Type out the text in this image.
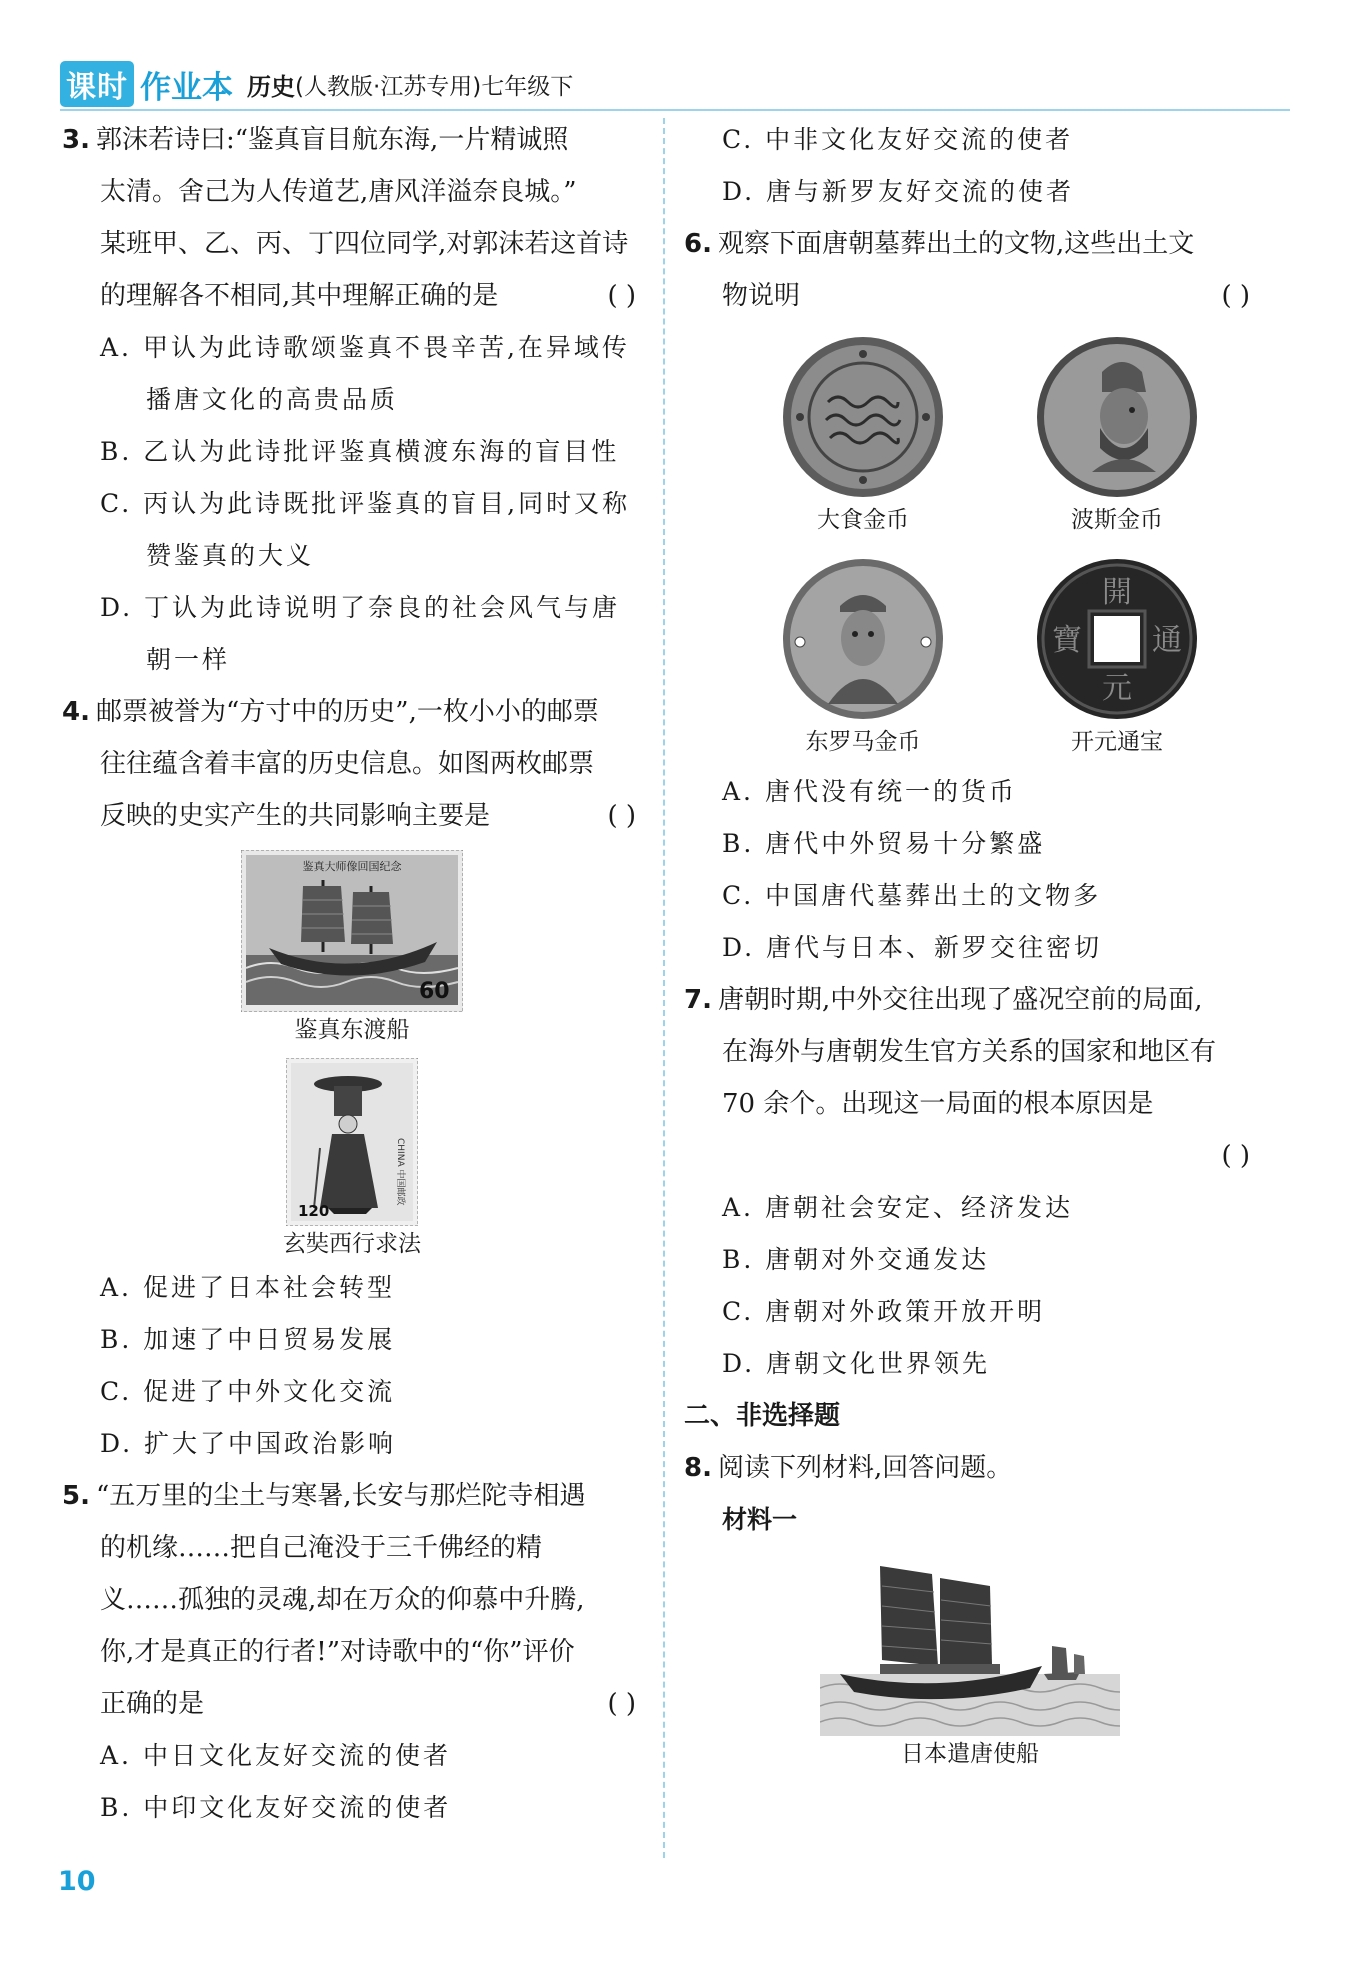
课时 作业本 历史 (人教版·江苏专用)七年级下
3. 郭沫若诗曰:“鉴真盲目航东海,一片精诚照
太清。舍己为人传道艺,唐风洋溢奈良城。”
某班甲、乙、丙、丁四位同学,对郭沫若这首诗
的理解各不相同,其中理解正确的是	( )
A. 甲认为此诗歌颂鉴真不畏辛苦,在异域传
播唐文化的高贵品质
B. 乙认为此诗批评鉴真横渡东海的盲目性
C. 丙认为此诗既批评鉴真的盲目,同时又称
赞鉴真的大义
D. 丁认为此诗说明了奈良的社会风气与唐
朝一样
4. 邮票被誉为“方寸中的历史”,一枚小小的邮票
往往蕴含着丰富的历史信息。如图两枚邮票
反映的史实产生的共同影响主要是	( )
鉴真大师像回国纪念
60
鉴真东渡船
120
CHINA 中国邮政
玄奘西行求法
A. 促进了日本社会转型
B. 加速了中日贸易发展
C. 促进了中外文化交流
D. 扩大了中国政治影响
5. “五万里的尘土与寒暑,长安与那烂陀寺相遇
的机缘……把自己淹没于三千佛经的精
义……孤独的灵魂,却在万众的仰慕中升腾,
你,才是真正的行者!”对诗歌中的“你”评价
正确的是	( )
A. 中日文化友好交流的使者
B. 中印文化友好交流的使者
C. 中非文化友好交流的使者
D. 唐与新罗友好交流的使者
6. 观察下面唐朝墓葬出土的文物,这些出土文
物说明	( )
大食金币	波斯金币
东罗马金币
開
元
通
寶
开元通宝
A. 唐代没有统一的货币
B. 唐代中外贸易十分繁盛
C. 中国唐代墓葬出土的文物多
D. 唐代与日本、新罗交往密切
7. 唐朝时期,中外交往出现了盛况空前的局面,
在海外与唐朝发生官方关系的国家和地区有
70 余个。出现这一局面的根本原因是
( )
A. 唐朝社会安定、经济发达
B. 唐朝对外交通发达
C. 唐朝对外政策开放开明
D. 唐朝文化世界领先
二、非选择题
8. 阅读下列材料,回答问题。
材料一
日本遣唐使船
10
